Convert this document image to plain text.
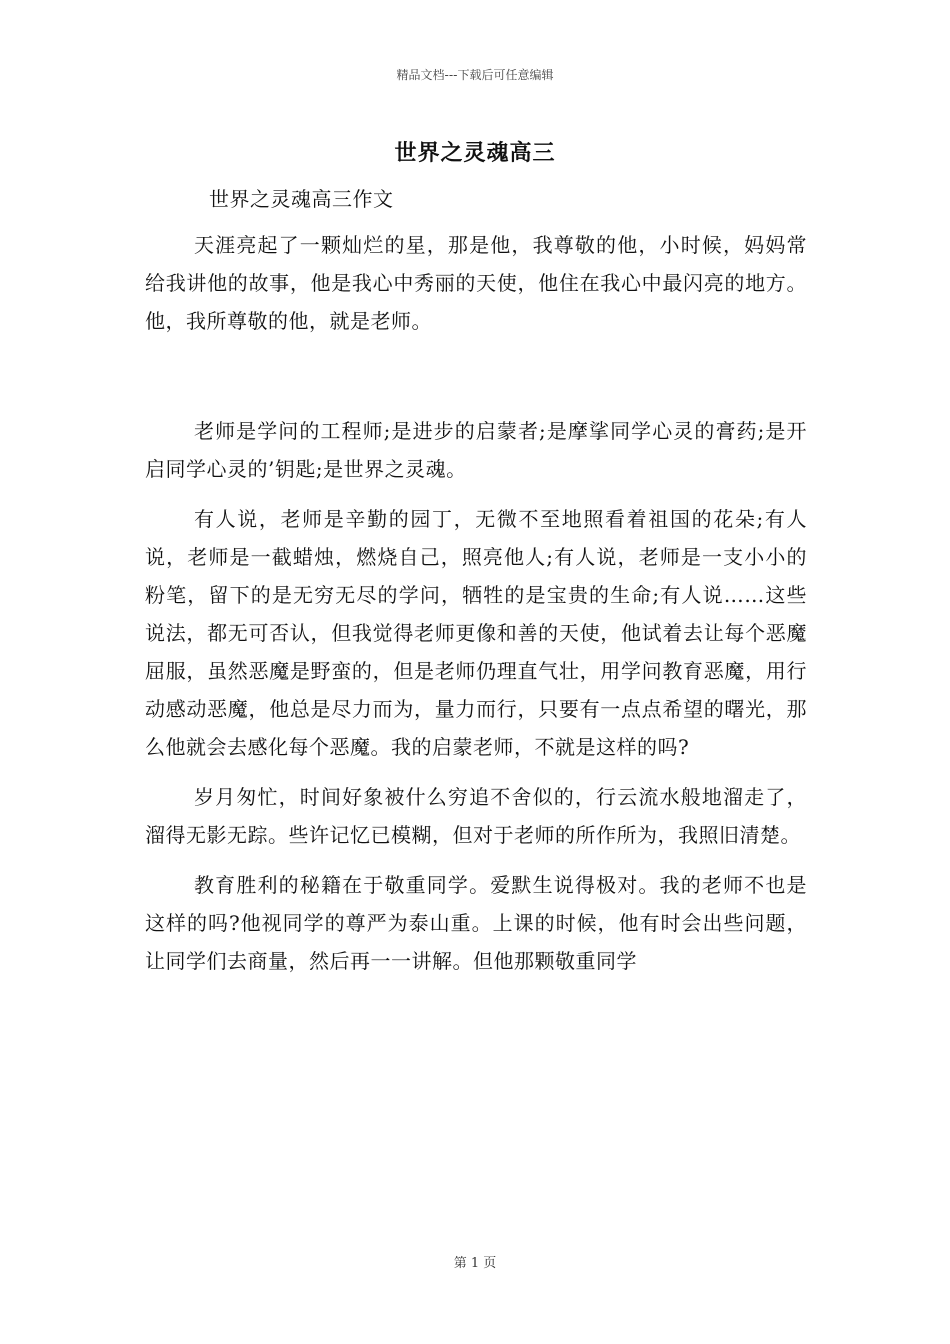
精品文档---下载后可任意编辑
世界之灵魂高三

世界之灵魂高三作文

天涯亮起了一颗灿烂的星，那是他，我尊敬的他，小时候，妈妈常给我讲他的故事，他是我心中秀丽的天使，他住在我心中最闪亮的地方。他，我所尊敬的他，就是老师。

老师是学问的工程师;是进步的启蒙者;是摩挲同学心灵的膏药;是开启同学心灵的’钥匙;是世界之灵魂。

有人说，老师是辛勤的园丁，无微不至地照看着祖国的花朵;有人说，老师是一截蜡烛，燃烧自己，照亮他人;有人说，老师是一支小小的粉笔，留下的是无穷无尽的学问，牺牲的是宝贵的生命;有人说……这些说法，都无可否认，但我觉得老师更像和善的天使，他试着去让每个恶魔屈服，虽然恶魔是野蛮的，但是老师仍理直气壮，用学问教育恶魔，用行动感动恶魔，他总是尽力而为，量力而行，只要有一点点希望的曙光，那么他就会去感化每个恶魔。我的启蒙老师，不就是这样的吗?

岁月匆忙，时间好象被什么穷追不舍似的，行云流水般地溜走了，溜得无影无踪。些许记忆已模糊，但对于老师的所作所为，我照旧清楚。

教育胜利的秘籍在于敬重同学。爱默生说得极对。我的老师不也是这样的吗?他视同学的尊严为泰山重。上课的时候，他有时会出些问题，让同学们去商量，然后再一一讲解。但他那颗敬重同学

第 1 页
